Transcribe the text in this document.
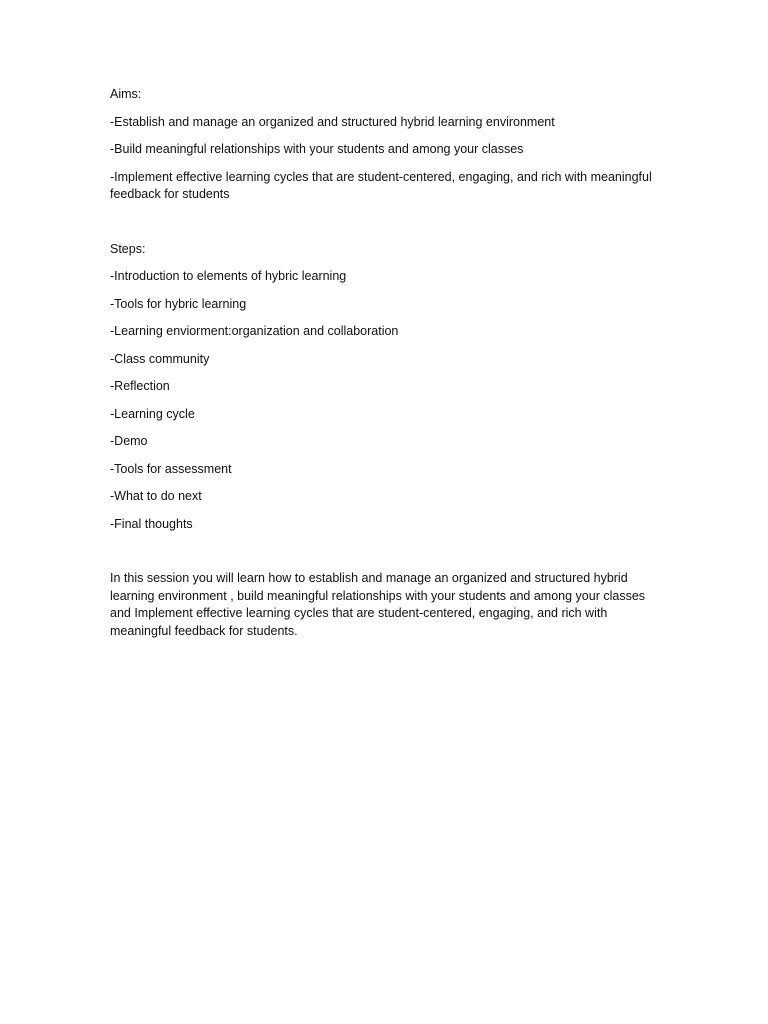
Aims:

-Establish and manage an organized and structured hybrid learning environment

-Build meaningful relationships with your students and among your classes

-Implement effective learning cycles that are student-centered, engaging, and rich with meaningful feedback for students

Steps:

-Introduction to elements of hybric learning
-Tools for hybric learning
-Learning enviorment:organization and collaboration
-Class community
-Reflection
-Learning cycle
-Demo
-Tools for assessment
-What to do next
-Final thoughts

In this session you will learn how to establish and manage an organized and structured hybrid learning environment , build meaningful relationships with your students and among your classes and Implement effective learning cycles that are student-centered, engaging, and rich with meaningful feedback for students.
